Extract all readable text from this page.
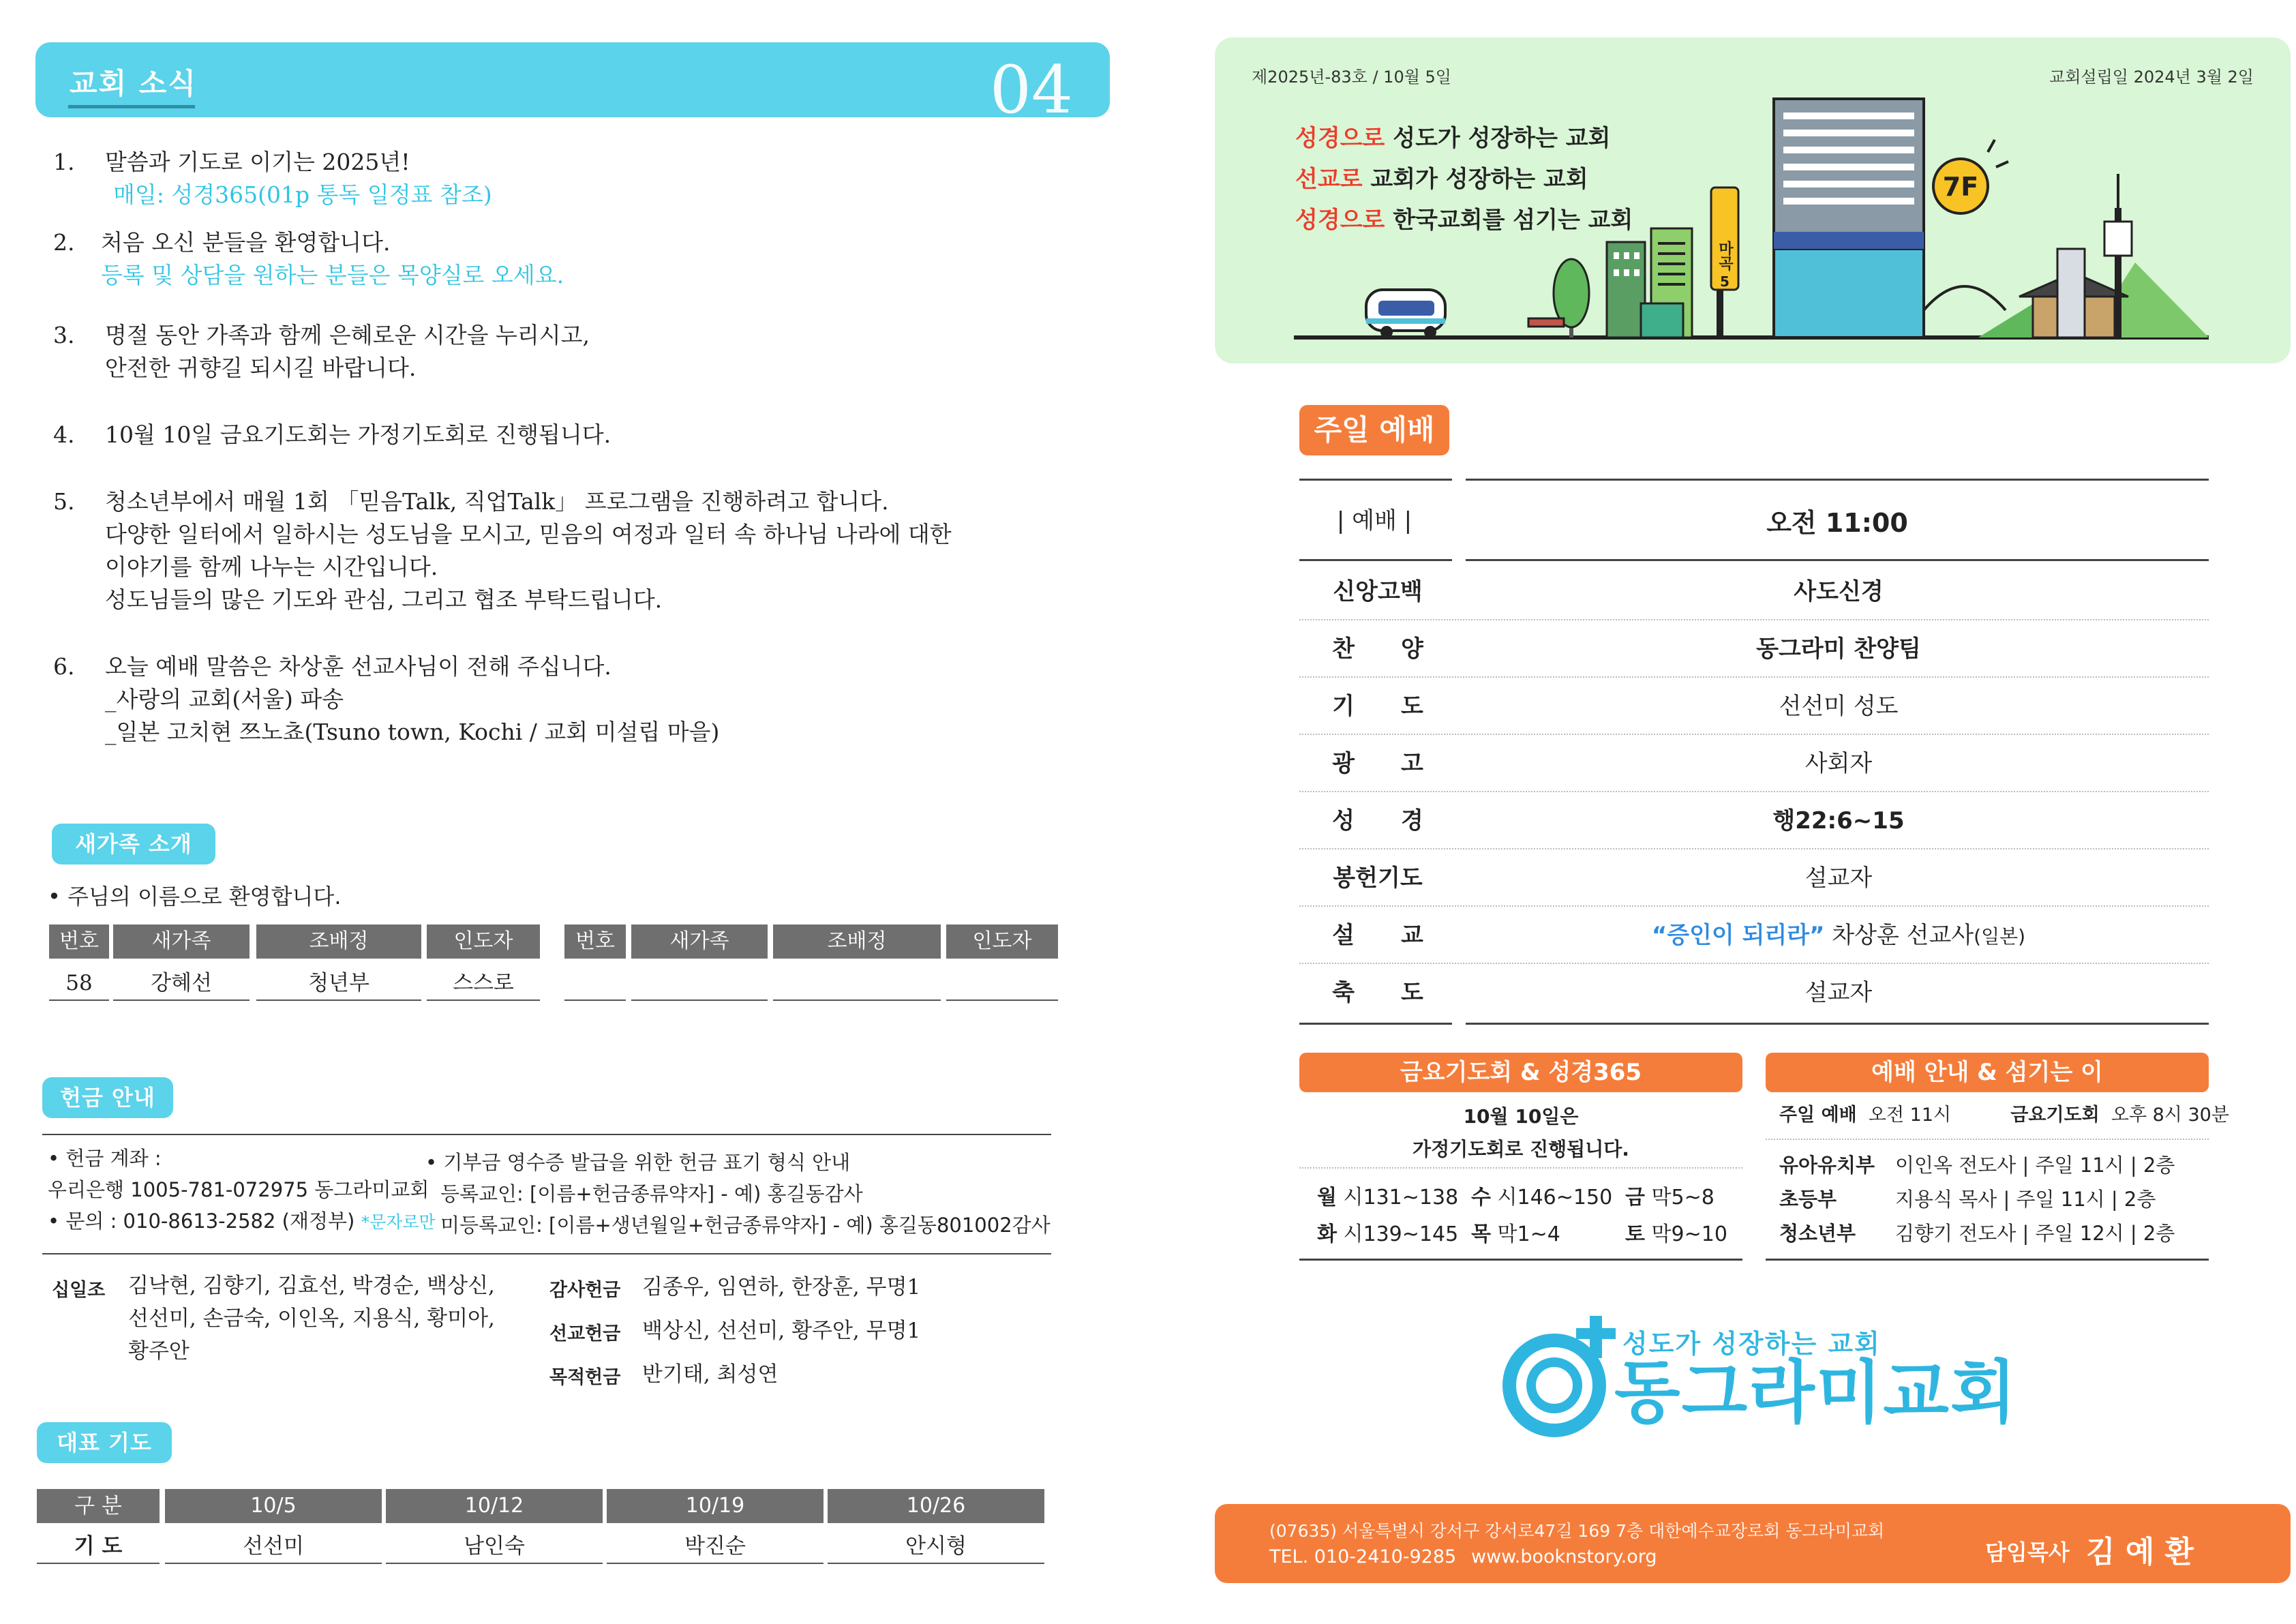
교회 소식	04
1.	말씀과 기도로 이기는 2025년!
매일: 성경365(01p 통독 일정표 참조)
2.	처음 오신 분들을 환영합니다.
등록 및 상담을 원하는 분들은 목양실로 오세요.
3.	명절 동안 가족과 함께 은혜로운 시간을 누리시고,
안전한 귀향길 되시길 바랍니다.
4.	10월 10일 금요기도회는 가정기도회로 진행됩니다.
5.	청소년부에서 매월 1회 「믿음Talk, 직업Talk」 프로그램을 진행하려고 합니다.
다양한 일터에서 일하시는 성도님을 모시고, 믿음의 여정과 일터 속 하나님 나라에 대한
이야기를 함께 나누는 시간입니다.
성도님들의 많은 기도와 관심, 그리고 협조 부탁드립니다.
6.	오늘 예배 말씀은 차상훈 선교사님이 전해 주십니다.
_사랑의 교회(서울) 파송
_일본 고치현 쯔노쵸(Tsuno town, Kochi / 교회 미설립 마을)
새가족 소개
• 주님의 이름으로 환영합니다.
번호	새가족	조배정	인도자
58	강혜선	청년부	스스로
번호	새가족	조배정	인도자
헌금 안내
• 헌금 계좌 :
우리은행 1005-781-072975 동그라미교회
• 문의 : 010-8613-2582 (재정부) *문자로만
• 기부금 영수증 발급을 위한 헌금 표기 형식 안내
등록교인: [이름+헌금종류약자] - 예) 홍길동감사
미등록교인: [이름+생년월일+헌금종류약자] - 예) 홍길동801002감사
십일조 김낙현, 김향기, 김효선, 박경순, 백상신,
선선미, 손금숙, 이인옥, 지용식, 황미아,
황주안
감사헌금 김종우, 임연하, 한장훈, 무명1
선교헌금 백상신, 선선미, 황주안, 무명1
목적헌금 반기태, 최성연
대표 기도
구 분	10/5	10/12	10/19	10/26
기 도	선선미	남인숙	박진순	안시형
제2025년-83호 / 10월 5일	교회설립일 2024년 3월 2일
성경으로 성도가 성장하는 교회
선교로 교회가 성장하는 교회
성경으로 한국교회를 섬기는 교회
마곡
5
7F
주일 예배
| 예배 |	오전 11:00
신앙고백	사도신경
찬　　양	동그라미 찬양팀
기　　도	선선미 성도
광　　고	사회자
성　　경	행22:6~15
봉헌기도	설교자
설　　교	“증인이 되리라” 차상훈 선교사(일본)
축　　도	설교자
금요기도회 & 성경365
10월 10일은
가정기도회로 진행됩니다.
월 시131~138 수 시146~150 금 막5~8
화 시139~145 목 막1~4	토 막9~10
예배 안내 & 섬기는 이
주일 예배 오전 11시	금요기도회 오후 8시 30분
유아유치부 이인옥 전도사 | 주일 11시 | 2층
초등부	지용식 목사 | 주일 11시 | 2층
청소년부 김향기 전도사 | 주일 12시 | 2층
성도가 성장하는 교회
동그라미교회
(07635) 서울특별시 강서구 강서로47길 169 7층 대한예수교장로회 동그라미교회
TEL. 010-2410-9285 www.booknstory.org	담임목사 김 예 환
